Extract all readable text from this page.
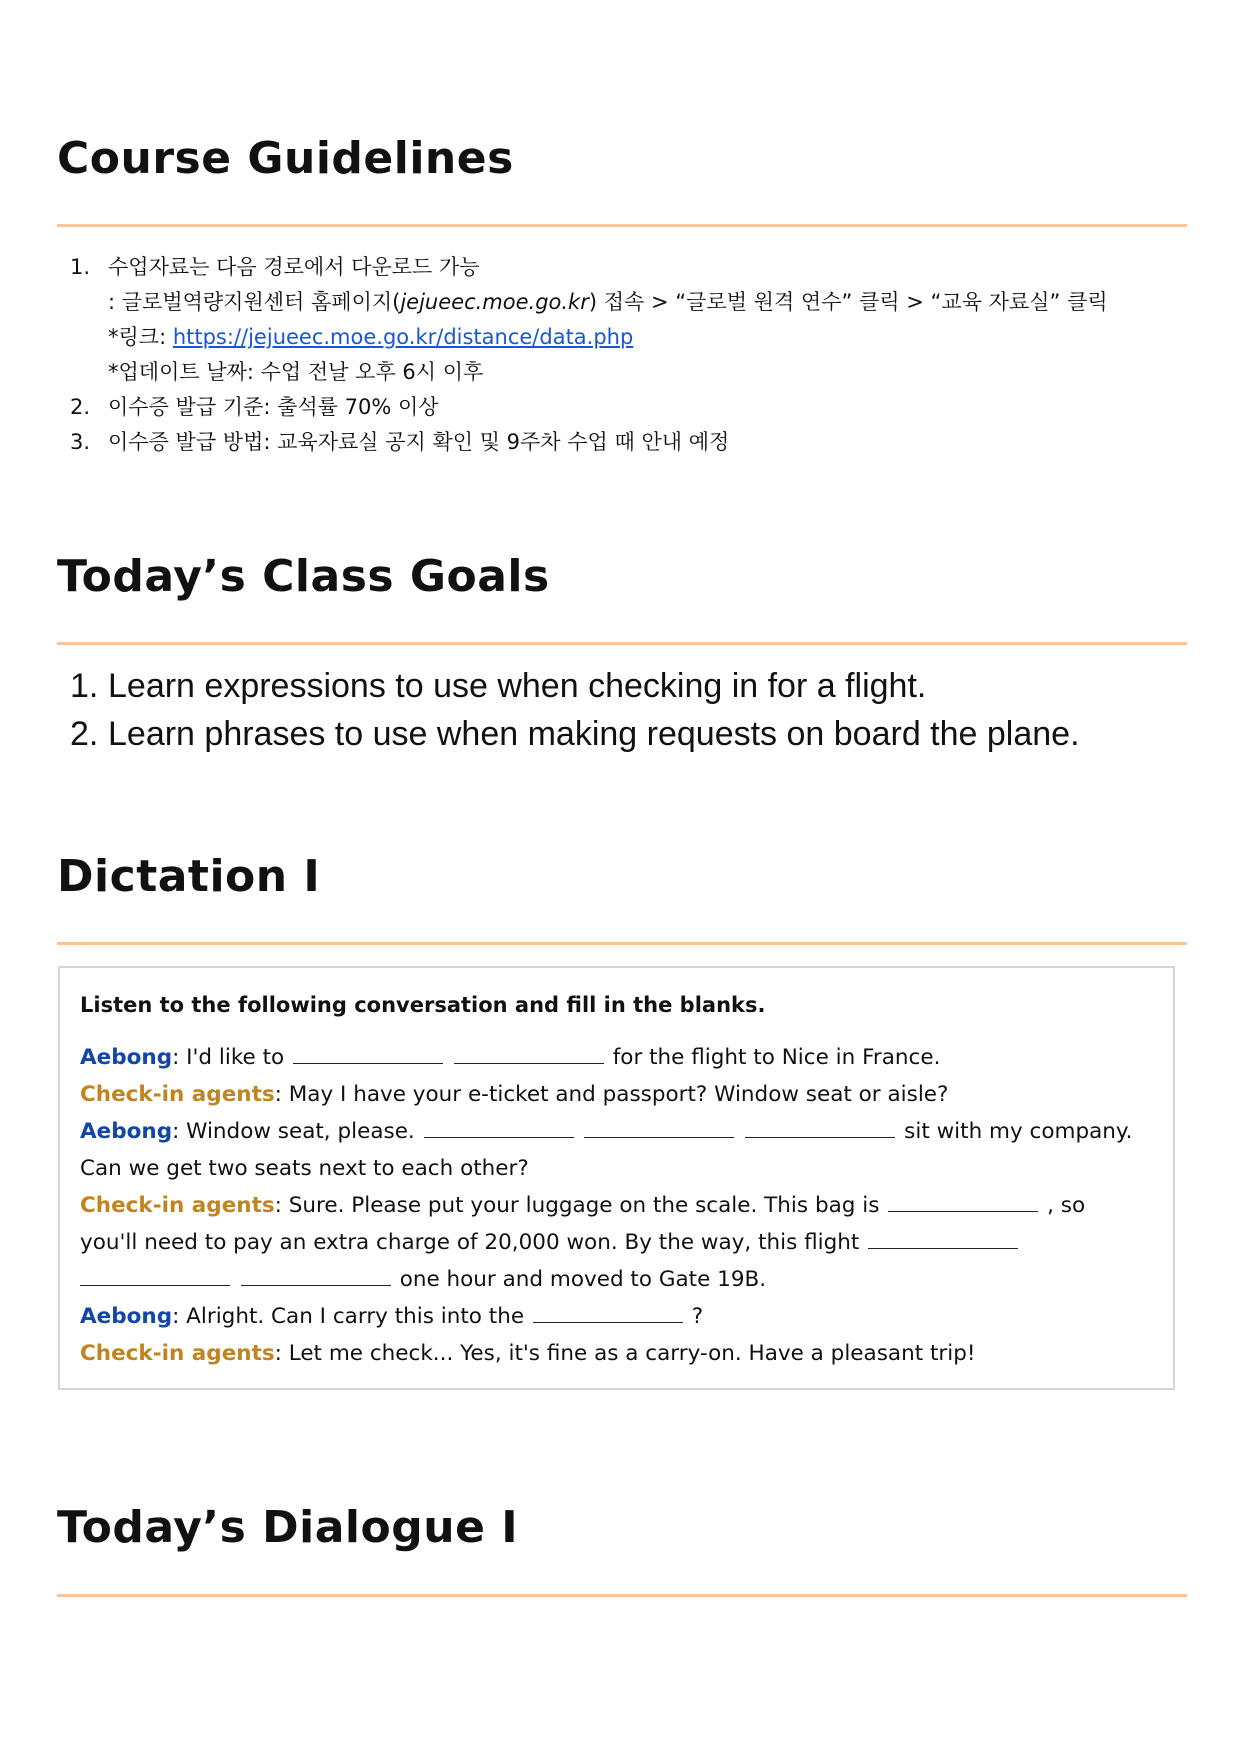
Course Guidelines
1. 수업자료는 다음 경로에서 다운로드 가능
: 글로벌역량지원센터 홈페이지(jejueec.moe.go.kr) 접속 > “글로벌 원격 연수” 클릭 > “교육 자료실” 클릭
*링크: https://jejueec.moe.go.kr/distance/data.php
*업데이트 날짜: 수업 전날 오후 6시 이후
2. 이수증 발급 기준: 출석률 70% 이상
3. 이수증 발급 방법: 교육자료실 공지 확인 및 9주차 수업 때 안내 예정
Today’s Class Goals
1. Learn expressions to use when checking in for a flight.
2. Learn phrases to use when making requests on board the plane.
Dictation I
Listen to the following conversation and fill in the blanks.
Aebong: I'd like to	for the flight to Nice in France.
Check-in agents: May I have your e-ticket and passport? Window seat or aisle?
Aebong: Window seat, please.	sit with my company.
Can we get two seats next to each other?
Check-in agents: Sure. Please put your luggage on the scale. This bag is	, so
you'll need to pay an extra charge of 20,000 won. By the way, this flight
one hour and moved to Gate 19B.
Aebong: Alright. Can I carry this into the	?
Check-in agents: Let me check... Yes, it's fine as a carry-on. Have a pleasant trip!
Today’s Dialogue I
